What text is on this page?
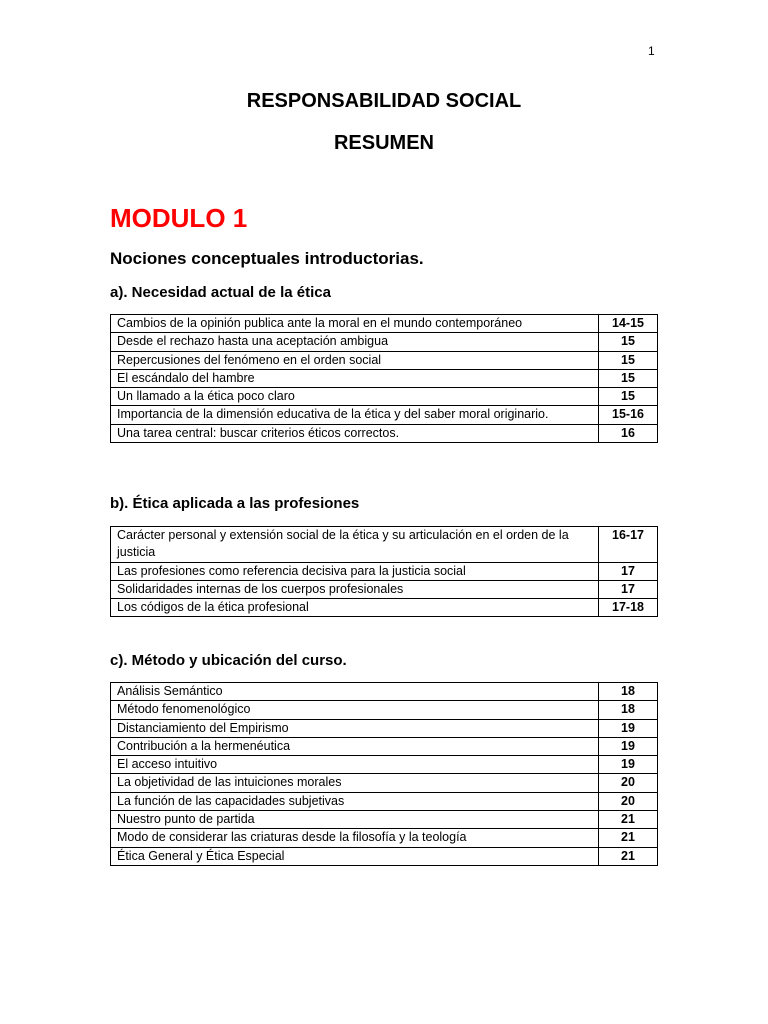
1
RESPONSABILIDAD SOCIAL
RESUMEN
MODULO 1
Nociones conceptuales introductorias.
a). Necesidad actual de la ética
Cambios de la opinión publica ante la moral en el mundo contemporáneo	14-15
Desde el rechazo hasta una aceptación ambigua	15
Repercusiones del fenómeno en el orden social	15
El escándalo del hambre	15
Un llamado a la ética poco claro	15
Importancia de la dimensión educativa de la ética y del saber moral originario.	15-16
Una tarea central: buscar criterios éticos correctos.	16
b). Ética aplicada a las profesiones
Carácter personal y extensión social de la ética y su articulación en el orden de la justicia	16-17
Las profesiones como referencia decisiva para la justicia social	17
Solidaridades internas de los cuerpos profesionales	17
Los códigos de la ética profesional	17-18
c). Método y ubicación del curso.
Análisis Semántico	18
Método fenomenológico	18
Distanciamiento del Empirismo	19
Contribución a la hermenéutica	19
El acceso intuitivo	19
La objetividad de las intuiciones morales	20
La función de las capacidades subjetivas	20
Nuestro punto de partida	21
Modo de considerar las criaturas desde la filosofía y la teología	21
Ética General y Ética Especial	21
